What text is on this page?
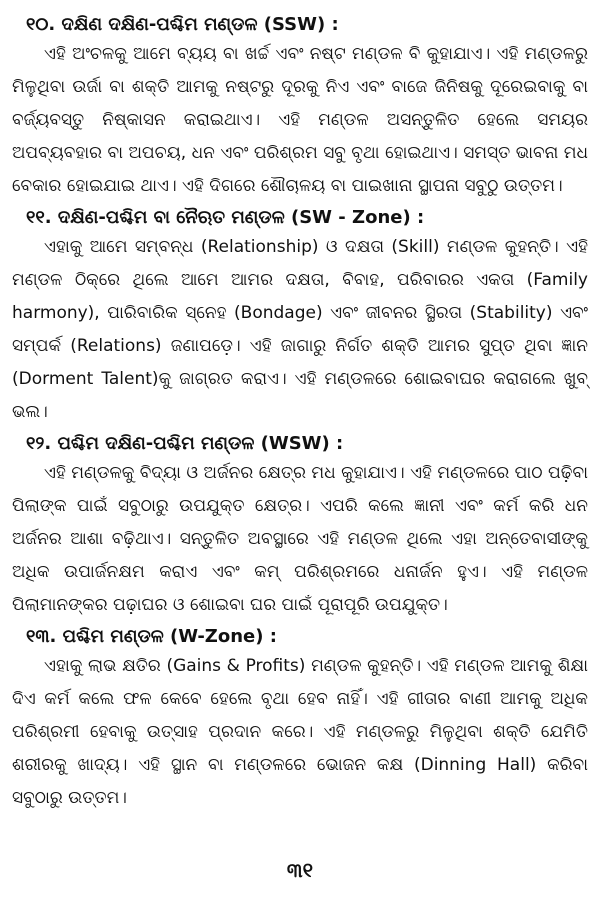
୧୦. ଦକ୍ଷିଣ ଦକ୍ଷିଣ-ପଶ୍ଚିମ ମଣ୍ଡଳ (SSW) :

ଏହି ଅଂଚଳକୁ ଆମେ ବ୍ୟୟ ବା ଖର୍ଚ୍ଚ ଏବଂ ନଷ୍ଟ ମଣ୍ଡଳ ବି କୁହାଯାଏ। ଏହି ମଣ୍ଡଳରୁ ମିଳୁଥିବା ଉର୍ଜା ବା ଶକ୍ତି ଆମକୁ ନଷ୍ଟରୁ ଦୂରକୁ ନିଏ ଏବଂ ବାଜେ ଜିନିଷକୁ ଦୂରେଇବାକୁ ବା ବର୍ଜ୍ୟବସ୍ତୁ ନିଷ୍କାସନ କରାଇଥାଏ। ଏହି ମଣ୍ଡଳ ଅସନ୍ତୁଳିତ ହେଲେ ସମୟର ଅପବ୍ୟବହାର ବା ଅପଚୟ, ଧନ ଏବଂ ପରିଶ୍ରମ ସବୁ ବୃଥା ହୋଇଥାଏ। ସମସ୍ତ ଭାବନା ମଧ ବେକାର ହୋଇଯାଇ ଥାଏ। ଏହି ଦିଗରେ ଶୌଚାଳୟ ବା ପାଇଖାନା ସ୍ଥାପନା ସବୁଠୁ ଉତ୍ତମ।

୧୧. ଦକ୍ଷିଣ-ପଶ୍ଚିମ ବା ନୈଋତ ମଣ୍ଡଳ (SW - Zone) :

ଏହାକୁ ଆମେ ସମ୍ବନ୍ଧ (Relationship) ଓ ଦକ୍ଷତା (Skill) ମଣ୍ଡଳ କୁହନ୍ତି। ଏହି ମଣ୍ଡଳ ଠିକ୍‌ରେ ଥିଲେ ଆମେ ଆମର ଦକ୍ଷତା, ବିବାହ, ପରିବାରର ଏକତା (Family harmony), ପାରିବାରିକ ସ୍ନେହ (Bondage) ଏବଂ ଜୀବନର ସ୍ଥିରତା (Stability) ଏବଂ ସମ୍ପର୍କ (Relations) ଜଣାପଡ଼େ। ଏହି ଜାଗାରୁ ନିର୍ଗତ ଶକ୍ତି ଆମର ସୁପ୍ତ ଥିବା ଜ୍ଞାନ (Dorment Talent)କୁ ଜାଗ୍ରତ କରାଏ। ଏହି ମଣ୍ଡଳରେ ଶୋଇବାଘର କରାଗଲେ ଖୁବ୍ ଭଲ।

୧୨. ପଶ୍ଚିମ ଦକ୍ଷିଣ-ପଶ୍ଚିମ ମଣ୍ଡଳ (WSW) :

ଏହି ମଣ୍ଡଳକୁ ବିଦ୍ୟା ଓ ଅର୍ଜନର କ୍ଷେତ୍ର ମଧ କୁହାଯାଏ। ଏହି ମଣ୍ଡଳରେ ପାଠ ପଢ଼ିବା ପିଲାଙ୍କ ପାଇଁ ସବୁଠାରୁ ଉପଯୁକ୍ତ କ୍ଷେତ୍ର। ଏପରି କଲେ ଜ୍ଞାନୀ ଏବଂ କର୍ମ କରି ଧନ ଅର୍ଜନର ଆଶା ବଢ଼ିଥାଏ। ସନ୍ତୁଳିତ ଅବସ୍ଥାରେ ଏହି ମଣ୍ଡଳ ଥିଲେ ଏହା ଅନ୍ତେବାସୀଙ୍କୁ ଅଧିକ ଉପାର୍ଜନକ୍ଷମ କରାଏ ଏବଂ କମ୍ ପରିଶ୍ରମରେ ଧନାର୍ଜନ ହୁଏ। ଏହି ମଣ୍ଡଳ ପିଲାମାନଙ୍କର ପଢ଼ାଘର ଓ ଶୋଇବା ଘର ପାଇଁ ପୂରାପୂରି ଉପଯୁକ୍ତ।

୧୩. ପଶ୍ଚିମ ମଣ୍ଡଳ (W-Zone) :

ଏହାକୁ ଲାଭ କ୍ଷତିର (Gains & Profits) ମଣ୍ଡଳ କୁହନ୍ତି। ଏହି ମଣ୍ଡଳ ଆମକୁ ଶିକ୍ଷା ଦିଏ କର୍ମ କଲେ ଫଳ କେବେ ହେଲେ ବୃଥା ହେବ ନାହିଁ। ଏହି ଗୀତାର ବାଣୀ ଆମକୁ ଅଧିକ ପରିଶ୍ରମୀ ହେବାକୁ ଉତ୍ସାହ ପ୍ରଦାନ କରେ। ଏହି ମଣ୍ଡଳରୁ ମିଳୁଥିବା ଶକ୍ତି ଯେମିତି ଶରୀରକୁ ଖାଦ୍ୟ। ଏହି ସ୍ଥାନ ବା ମଣ୍ଡଳରେ ଭୋଜନ କକ୍ଷ (Dinning Hall) କରିବା ସବୁଠାରୁ ଉତ୍ତମ।

୩୧
